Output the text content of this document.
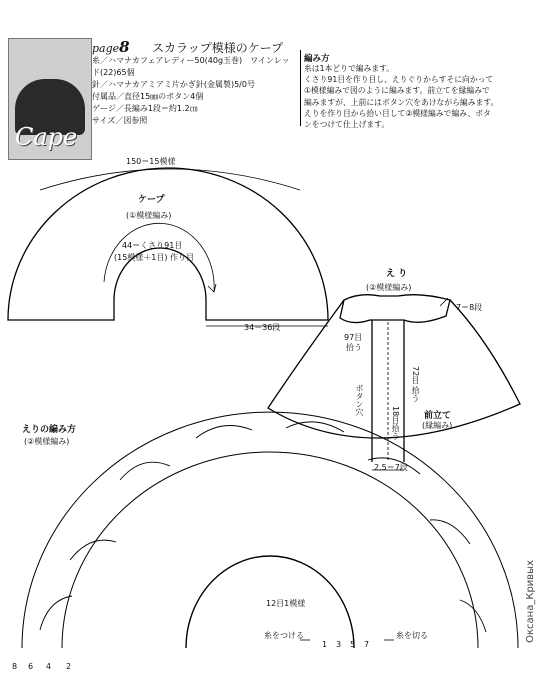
Cape
page8 スカラップ模様のケープ
糸／ハマナカフェアレディー50(40g玉巻)　ワインレッ
ド(22)65個
針／ハマナカアミアミ片かぎ針(金属製)5/0号
付属品／直径15㎜のボタン4個
ゲージ／長編み1段＝約1.2㎝
サイズ／図参照
編み方
糸は1本どりで編みます。
くさり91目を作り目し、えりぐりからすそに向かって
①模様編みで図のように編みます。前立てを縁編みで
編みますが、上前にはボタン穴をあけながら編みます。
えりを作り目から拾い目して②模様編みで編み、ボタ
ンをつけて仕上げます。
150＝15模様
ケープ
(①模様編み)
44＝くさり91目
(15模様＋1目) 作り目
34＝36段
え り
(②模様編み)
7＝8段
97目
拾う
ボタン穴
72目
拾う
18目
拾う
前立て
(縁編み)
2.5＝7段
えりの編み方
(②模様編み)
12目1模様
糸をつける	糸を切る
8 6 4 2
1 3 5 7
Оксана_Кривых
